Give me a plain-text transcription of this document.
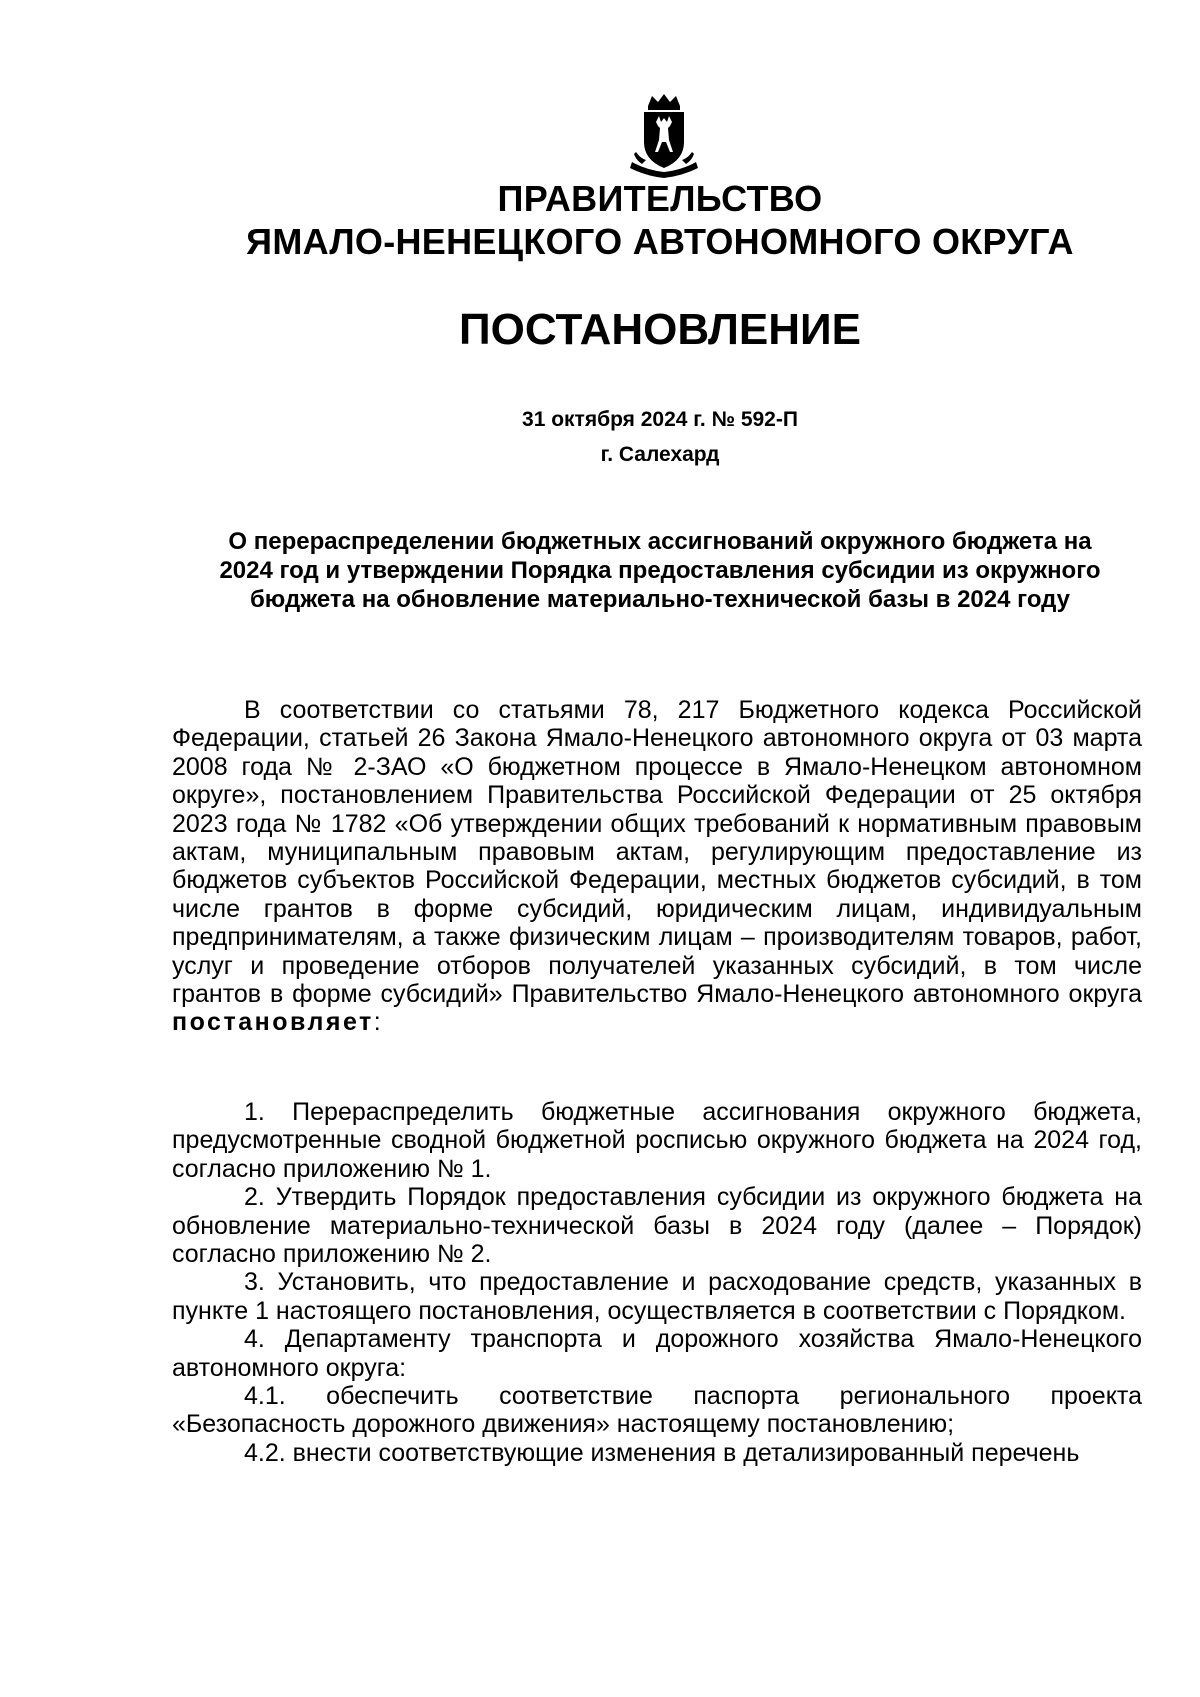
ПРАВИТЕЛЬСТВО
ЯМАЛО-НЕНЕЦКОГО АВТОНОМНОГО ОКРУГА
ПОСТАНОВЛЕНИЕ
31 октября 2024 г. № 592-П
г. Салехард
О перераспределении бюджетных ассигнований окружного бюджета на 2024 год и утверждении Порядка предоставления субсидии из окружного бюджета на обновление материально-технической базы в 2024 году

В соответствии со статьями 78, 217 Бюджетного кодекса Российской Федерации, статьей 26 Закона Ямало-Ненецкого автономного округа от 03 марта 2008 года № 2-ЗАО «О бюджетном процессе в Ямало-Ненецком автономном округе», постановлением Правительства Российской Федерации от 25 октября 2023 года № 1782 «Об утверждении общих требований к нормативным правовым актам, муниципальным правовым актам, регулирующим предоставление из бюджетов субъектов Российской Федерации, местных бюджетов субсидий, в том числе грантов в форме субсидий, юридическим лицам, индивидуальным предпринимателям, а также физическим лицам – производителям товаров, работ, услуг и проведение отборов получателей указанных субсидий, в том числе грантов в форме субсидий» Правительство Ямало-Ненецкого автономного округа постановляет:

1. Перераспределить бюджетные ассигнования окружного бюджета, предусмотренные сводной бюджетной росписью окружного бюджета на 2024 год, согласно приложению № 1.

2. Утвердить Порядок предоставления субсидии из окружного бюджета на обновление материально-технической базы в 2024 году (далее – Порядок) согласно приложению № 2.

3. Установить, что предоставление и расходование средств, указанных в пункте 1 настоящего постановления, осуществляется в соответствии с Порядком.

4. Департаменту транспорта и дорожного хозяйства Ямало-Ненецкого автономного округа:

4.1. обеспечить соответствие паспорта регионального проекта «Безопасность дорожного движения» настоящему постановлению;

4.2. внести соответствующие изменения в детализированный перечень
